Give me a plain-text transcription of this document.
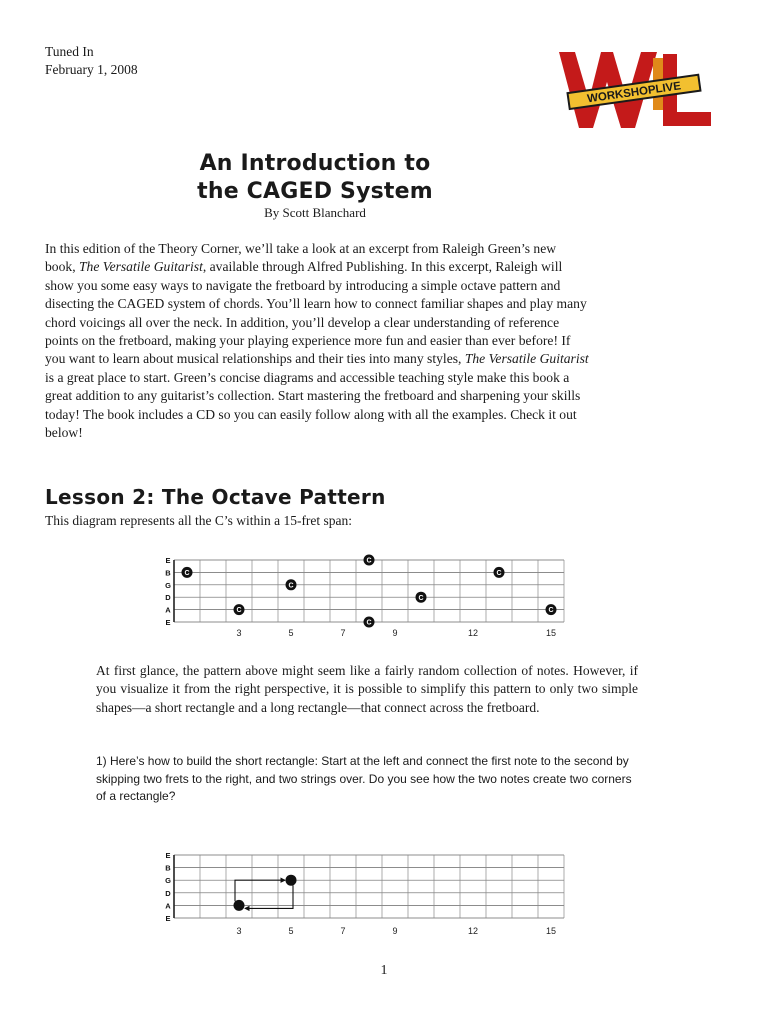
Tuned In
February 1, 2008
WORKSHOPLIVE
An Introduction to
the CAGED System
By Scott Blanchard
In this edition of the Theory Corner, we’ll take a look at an excerpt from Raleigh Green’s new book, The Versatile Guitarist, available through Alfred Publishing. In this excerpt, Raleigh will show you some easy ways to navigate the fretboard by introducing a simple octave pattern and disecting the CAGED system of chords. You’ll learn how to connect familiar shapes and play many chord voicings all over the neck. In addition, you’ll develop a clear understanding of reference points on the fretboard, making your playing experience more fun and easier than ever before! If you want to learn about musical relationships and their ties into many styles, The Versatile Guitarist is a great place to start. Green’s concise diagrams and accessible teaching style make this book a great addition to any guitarist’s collection. Start mastering the fretboard and sharpening your skills today! The book includes a CD so you can easily follow along with all the examples. Check it out below!
Lesson 2: The Octave Pattern
This diagram represents all the C’s within a 15-fret span:
E
B
G
D
A
E
3	5	7	9	12	15
C
C
C
C
C
C
C
C
At first glance, the pattern above might seem like a fairly random collection of notes. However, if you visualize it from the right perspective, it is possible to simplify this pattern to only two simple shapes—a short rectangle and a long rectangle—that connect across the fretboard.
1) Here’s how to build the short rectangle: Start at the left and connect the first note to the second by skipping two frets to the right, and two strings over. Do you see how the two notes create two corners of a rectangle?
E
B
G
D
A
E
3	5	7	9	12	15
1
